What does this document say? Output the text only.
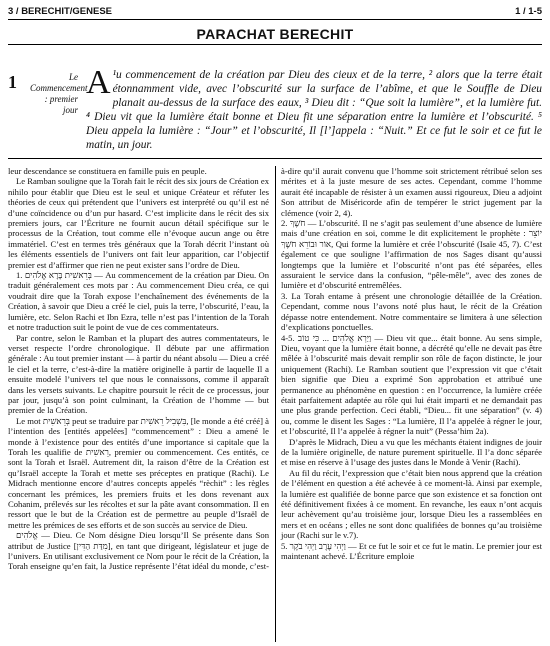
3 / BERECHIT/GENESE	1 / 1-5
PARACHAT BERECHIT
1	Le Commencement : premier jour
A ¹u commencement de la création par Dieu des cieux et de la terre, ² alors que la terre était étonnamment vide, avec l’obscurité sur la surface de l’abîme, et que le Souffle de Dieu planait au-dessus de la surface des eaux, ³ Dieu dit : “Que soit la lumière”, et la lumière fut. ⁴ Dieu vit que la lumière était bonne et Dieu fit une séparation entre la lumière et l’obscurité. ⁵ Dieu appela la lumière : “Jour” et l’obscurité, Il [l’]appela : “Nuit.” Et ce fut le soir et ce fut le matin, un jour.

leur descendance se constituera en famille puis en peuple.

Le Ramban souligne que la Torah fait le récit des six jours de Création ex nihilo pour établir que Dieu est le seul et unique Créateur et réfuter les théories de ceux qui prétendent que l’univers est interprété ou qu’il est né d’une coïncidence ou d’un pur hasard. C’est implicite dans le récit des six premiers jours, car l’Écriture ne fournit aucun détail spécifique sur le processus de la Création, tout comme elle n’évoque aucun ange ou être immatériel. C’est en termes très généraux que la Torah décrit l’instant où les éléments essentiels de l’univers ont fait leur apparition, car l’objectif premier est d’affirmer que rien ne peut exister sans l’ordre de Dieu.

1. בְּרֵאשִׁית בָּרָא אֱלֹהִים — Au commencement de la création par Dieu. On traduit généralement ces mots par : Au commencement Dieu créa, ce qui voudrait dire que la Torah expose l’enchaînement des événements de la Création, à savoir que Dieu a créé le ciel, puis la terre, l’obscurité, l’eau, la lumière, etc. Selon Rachi et Ibn Ezra, telle n’est pas l’intention de la Torah et notre traduction suit le point de vue de ces commentateurs.

Par contre, selon le Ramban et la plupart des autres commentateurs, le verset respecte l’ordre chronologique. Il débute par une affirmation générale : Au tout premier instant — à partir du néant absolu — Dieu a créé le ciel et la terre, c’est-à-dire la matière originelle à partir de laquelle Il a ensuite modelé l’univers tel que nous le connaissons, comme il apparaît dans les versets suivants. Le chapitre poursuit le récit de ce processus, jour par jour, jusqu’à son point culminant, la Création de l’homme — but premier de la Création.

Le mot בְּרֵאשִׁית peut se traduire par בִּשְׁבִיל רֵאשִׁית, [le monde a été créé] à l’intention des [entités appelées] “commencement” : Dieu a amené le monde à l’existence pour des entités d’une importance si capitale que la Torah les qualifie de רֵאשִׁית, premier ou commencement. Ces entités, ce sont la Torah et Israël. Autrement dit, la raison d’être de la Création est qu’Israël accepte la Torah et mette ses préceptes en pratique (Rachi). Le Midrach mentionne encore d’autres concepts appelés “rèchit” : les règles concernant les prémices, les premiers fruits et les dons revenant aux Cohanim, prélevés sur les récoltes et sur la pâte avant consommation. Il en ressort que le but de la Création est de permettre au peuple d’Israël de mettre les prémices de ses efforts et de son succès au service de Dieu.

אֱלֹהִים — Dieu. Ce Nom désigne Dieu lorsqu’Il Se présente dans Son attribut de Justice [מִדַּת הַדִּין], en tant que dirigeant, législateur et juge de l’univers. En utilisant exclusivement ce Nom pour le récit de la Création, la Torah enseigne qu’en fait, la Justice représente l’état idéal du monde, c’est-à-dire qu’il aurait convenu que l’homme soit strictement rétribué selon ses mérites et à la juste mesure de ses actes. Cependant, comme l’homme aurait été incapable de résister à un examen aussi rigoureux, Dieu a adjoint Son attribut de Miséricorde afin de tempérer le strict jugement par la clémence (voir 2, 4).

2. חֹשֶׁךְ — L’obscurité. Il ne s’agit pas seulement d’une absence de lumière mais d’une création en soi, comme le dit explicitement le prophète : יוֹצֵר אוֹר וּבוֹרֵא חֹשֶׁךְ, Qui forme la lumière et crée l’obscurité (Isaïe 45, 7). C’est également ce que souligne l’affirmation de nos Sages disant qu’aussi longtemps que la lumière et l’obscurité n’ont pas été séparées, elles assuraient le service dans la confusion, “pêle-mêle”, avec des zones de lumière et d’obscurité entremêlées.

3. La Torah entame à présent une chronologie détaillée de la Création. Cependant, comme nous l’avons noté plus haut, le récit de la Création dépasse notre entendement. Notre commentaire se limitera à une sélection d’explications ponctuelles.

4-5. וַיַּרְא אֱלֹהִים ... כִּי טוֹב — Dieu vit que... était bonne. Au sens simple, Dieu, voyant que la lumière était bonne, a décrété qu’elle ne devait pas être mêlée à l’obscurité mais devait remplir son rôle de façon distincte, le jour uniquement (Rachi). Le Ramban soutient que l’expression vit que c’était bien signifie que Dieu a exprimé Son approbation et attribué une permanence au phénomène en question : en l’occurrence, la lumière créée était parfaitement adaptée au rôle qui lui était imparti et ne demandait pas une plus grande perfection. Ceci établi, “Dieu... fit une séparation” (v. 4) ou, comme le disent les Sages : “La lumière, Il l’a appelée à régner le jour, et l’obscurité, Il l’a appelée à régner la nuit” (Pessa’him 2a).

D’après le Midrach, Dieu a vu que les méchants étaient indignes de jouir de la lumière originelle, de nature purement spirituelle. Il l’a donc séparée et mise en réserve à l’usage des justes dans le Monde à Venir (Rachi).

Au fil du récit, l’expression que c’était bien nous apprend que la création de l’élément en question a été achevée à ce moment-là. Ainsi par exemple, la lumière est qualifiée de bonne parce que son existence et sa fonction ont été définitivement fixées à ce moment. En revanche, les eaux n’ont acquis leur achèvement qu’au troisième jour, lorsque Dieu les a rassemblées en mers et en océans ; elles ne sont donc qualifiées de bonnes qu’au troisième jour (Rachi sur le v.7).

5. וַיְהִי עֶרֶב וַיְהִי בֹקֶר — Et ce fut le soir et ce fut le matin. Le premier jour est maintenant achevé. L’Écriture emploie
